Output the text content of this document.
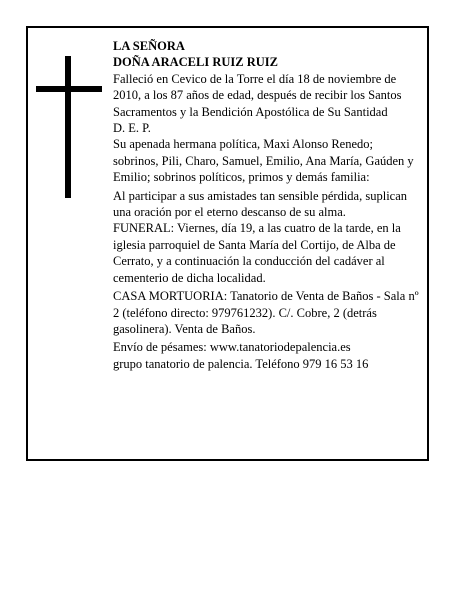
LA SEÑORA

DOÑA ARACELI RUIZ RUIZ

Falleció en Cevico de la Torre el día 18 de noviembre de 2010, a los 87 años de edad, después de recibir los Santos Sacramentos y la Bendición Apostólica de Su Santidad

D. E. P.

Su apenada hermana política, Maxi Alonso Renedo; sobrinos, Pili, Charo, Samuel, Emilio, Ana María, Gaúden y Emilio; sobrinos políticos, primos y demás familia:

Al participar a sus amistades tan sensible pérdida, suplican una oración por el eterno descanso de su alma.

FUNERAL: Viernes, día 19, a las cuatro de la tarde, en la iglesia parroquiel de Santa María del Cortijo, de Alba de Cerrato, y a continuación la conducción del cadáver al cementerio de dicha localidad.

CASA MORTUORIA: Tanatorio de Venta de Baños - Sala nº 2 (teléfono directo: 979761232). C/. Cobre, 2 (detrás gasolinera). Venta de Baños.

Envío de pésames: www.tanatoriodepalencia.es

grupo tanatorio de palencia. Teléfono 979 16 53 16
